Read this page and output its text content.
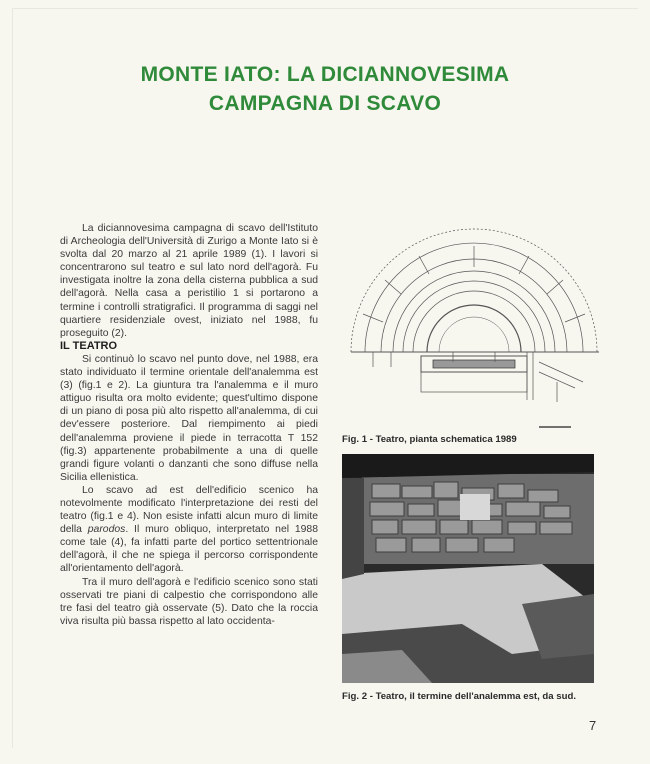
MONTE IATO: LA DICIANNOVESIMA
CAMPAGNA DI SCAVO

La diciannovesima campagna di scavo dell'Istituto di Archeologia dell'Università di Zurigo a Monte Iato si è svolta dal 20 marzo al 21 aprile 1989 (1). I lavori si concentrarono sul teatro e sul lato nord dell'agorà. Fu investigata inoltre la zona della cisterna pubblica a sud dell'agorà. Nella casa a peristilio 1 si portarono a termine i controlli stratigrafici. Il programma di saggi nel quartiere residenziale ovest, iniziato nel 1988, fu proseguito (2).

IL TEATRO

Si continuò lo scavo nel punto dove, nel 1988, era stato individuato il termine orientale dell'analemma est (3) (fig.1 e 2). La giuntura tra l'analemma e il muro attiguo risulta ora molto evidente; quest'ultimo dispone di un piano di posa più alto rispetto all'analemma, di cui dev'essere posteriore. Dal riempimento ai piedi dell'analemma proviene il piede in terracotta T 152 (fig.3) appartenente probabilmente a una di quelle grandi figure volanti o danzanti che sono diffuse nella Sicilia ellenistica.

Lo scavo ad est dell'edificio scenico ha notevolmente modificato l'interpretazione dei resti del teatro (fig.1 e 4). Non esiste infatti alcun muro di limite della parodos. Il muro obliquo, interpretato nel 1988 come tale (4), fa infatti parte del portico settentrionale dell'agorà, il che ne spiega il percorso corrispondente all'orientamento dell'agorà.

Tra il muro dell'agorà e l'edificio scenico sono stati osservati tre piani di calpestio che corrispondono alle tre fasi del teatro già osservate (5). Dato che la roccia viva risulta più bassa rispetto al lato occidenta-

Fig. 1 - Teatro, pianta schematica 1989
Fig. 2 - Teatro, il termine dell'analemma est, da sud.
7
